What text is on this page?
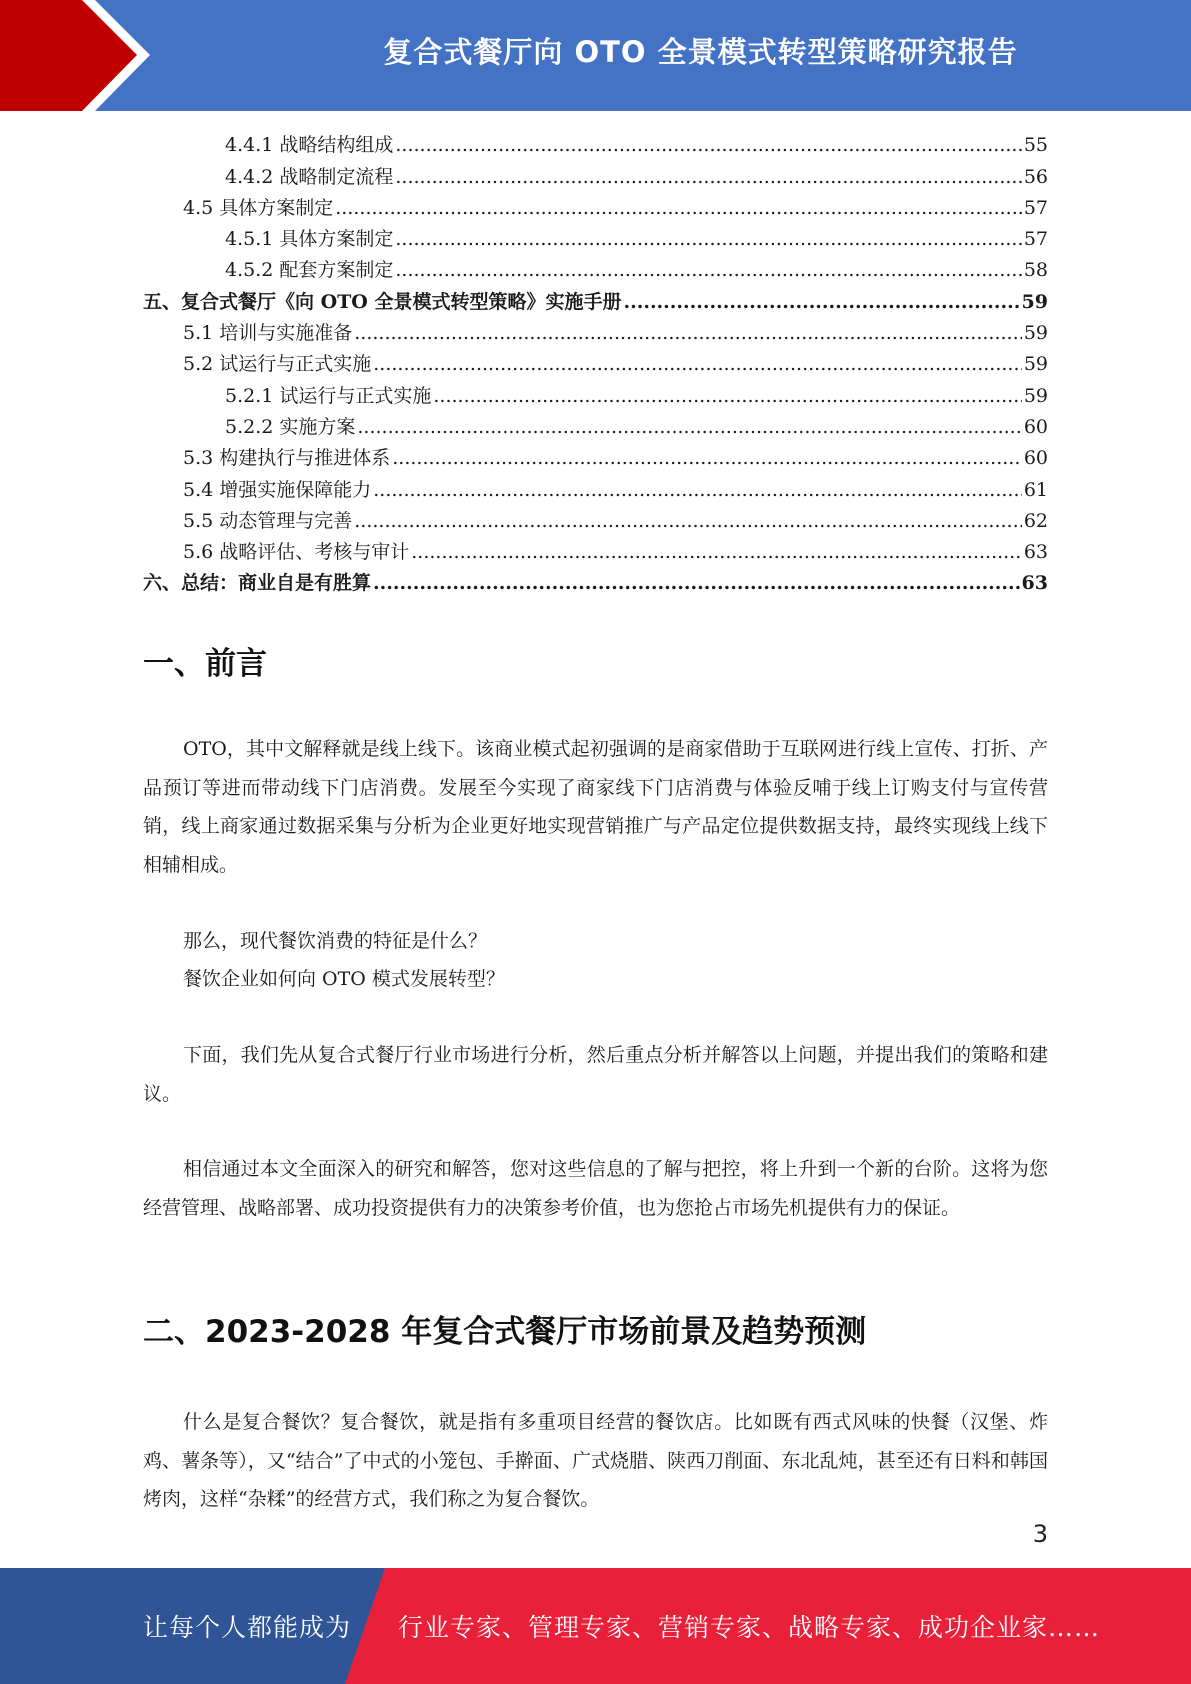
复合式餐厅向 OTO 全景模式转型策略研究报告
4.4.1 战略结构组成 .....	55
4.4.2 战略制定流程 .....	56
4.5 具体方案制定 .....	57
4.5.1 具体方案制定 .....	57
4.5.2 配套方案制定 .....	58
五、复合式餐厅《向 OTO 全景模式转型策略》实施手册 .....	59
5.1 培训与实施准备 .....	59
5.2 试运行与正式实施 .....	59
5.2.1 试运行与正式实施 .....	59
5.2.2 实施方案 .....	60
5.3 构建执行与推进体系 .....	60
5.4 增强实施保障能力 .....	61
5.5 动态管理与完善 .....	62
5.6 战略评估、考核与审计 .....	63
六、总结：商业自是有胜算 .....	63
一、前言

OTO，其中文解释就是线上线下。该商业模式起初强调的是商家借助于互联网进行线上宣传、打折、产品预订等进而带动线下门店消费。发展至今实现了商家线下门店消费与体验反哺于线上订购支付与宣传营销，线上商家通过数据采集与分析为企业更好地实现营销推广与产品定位提供数据支持，最终实现线上线下相辅相成。

那么，现代餐饮消费的特征是什么？

餐饮企业如何向 OTO 模式发展转型？

下面，我们先从复合式餐厅行业市场进行分析，然后重点分析并解答以上问题，并提出我们的策略和建议。

相信通过本文全面深入的研究和解答，您对这些信息的了解与把控，将上升到一个新的台阶。这将为您经营管理、战略部署、成功投资提供有力的决策参考价值，也为您抢占市场先机提供有力的保证。

二、2023-2028 年复合式餐厅市场前景及趋势预测

什么是复合餐饮？复合餐饮，就是指有多重项目经营的餐饮店。比如既有西式风味的快餐（汉堡、炸鸡、薯条等），又“结合”了中式的小笼包、手擀面、广式烧腊、陕西刀削面、东北乱炖，甚至还有日料和韩国烤肉，这样“杂糅”的经营方式，我们称之为复合餐饮。

3
让每个人都能成为 行业专家、管理专家、营销专家、战略专家、成功企业家……
